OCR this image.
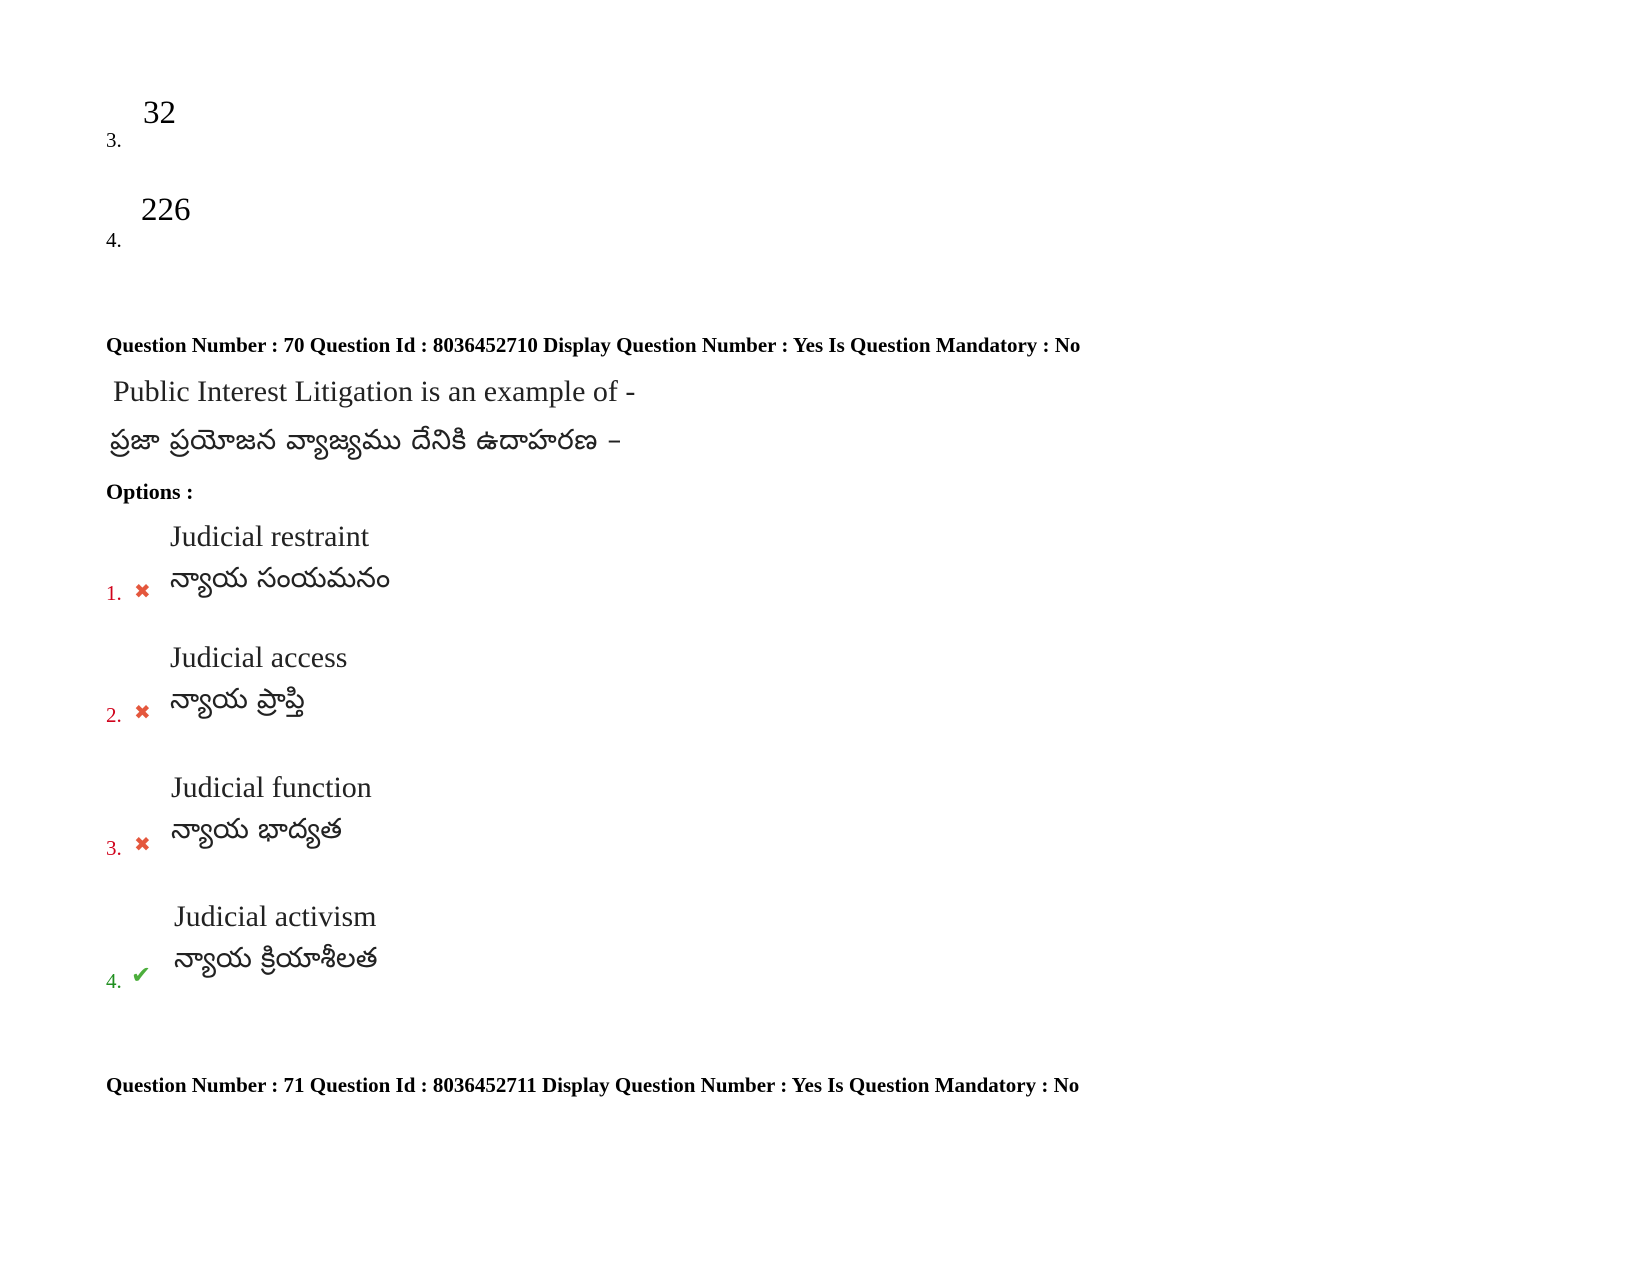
3.
32
4.
226
Question Number : 70 Question Id : 8036452710 Display Question Number : Yes Is Question Mandatory : No
Public Interest Litigation is an example of -
ప్రజా ప్రయోజన వ్యాజ్యము దేనికి ఉదాహరణ –
Options :
1. ✖
Judicial restraint
న్యాయ సంయమనం
2. ✖
Judicial access
న్యాయ ప్రాప్తి
3. ✖
Judicial function
న్యాయ భాద్యత
4. ✔
Judicial activism
న్యాయ క్రియాశీలత
Question Number : 71 Question Id : 8036452711 Display Question Number : Yes Is Question Mandatory : No
